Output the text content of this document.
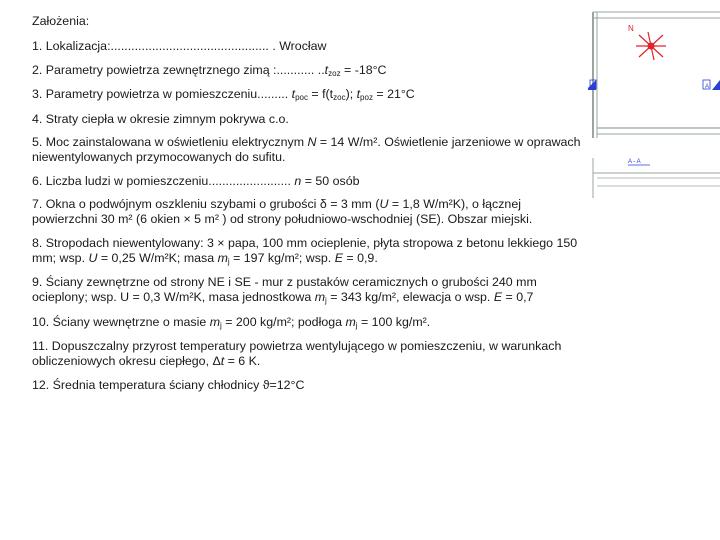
Założenia:
1. Lokalizacja:.............................................. . Wrocław
2. Parametry powietrza zewnętrznego zimą :........... ..tzoz = -18°C
3. Parametry powietrza w pomieszczeniu......... tpoc = f(tzoc); tpoz = 21°C
4. Straty ciepła w okresie zimnym pokrywa c.o.
5. Moc zainstalowana w oświetleniu elektrycznym N = 14 W/m². Oświetlenie jarzeniowe w oprawach niewentylowanych przymocowanych do sufitu.
6. Liczba ludzi w pomieszczeniu........................ n = 50 osób
7. Okna o podwójnym oszkleniu szybami o grubości δ = 3 mm (U = 1,8 W/m²K), o łącznej powierzchni 30 m² (6 okien × 5 m² ) od strony południowo-wschodniej (SE). Obszar miejski.
8. Stropodach niewentylowany: 3 × papa, 100 mm ocieplenie, płyta stropowa z betonu lekkiego 150 mm; wsp. U = 0,25 W/m²K; masa mj = 197 kg/m²; wsp. E = 0,9.
9. Ściany zewnętrzne od strony NE i SE - mur z pustaków ceramicznych o grubości 240 mm ocieplony; wsp. U = 0,3 W/m²K, masa jednostkowa mj = 343 kg/m², elewacja o wsp. E = 0,7
10. Ściany wewnętrzne o masie mj = 200 kg/m²; podłoga mj = 100 kg/m².
11. Dopuszczalny przyrost temperatury powietrza wentylującego w pomieszczeniu, w warunkach obliczeniowych okresu ciepłego, Δt = 6 K.
12. Średnia temperatura ściany chłodnicy ϑ=12°C
N
A	A
A - A
